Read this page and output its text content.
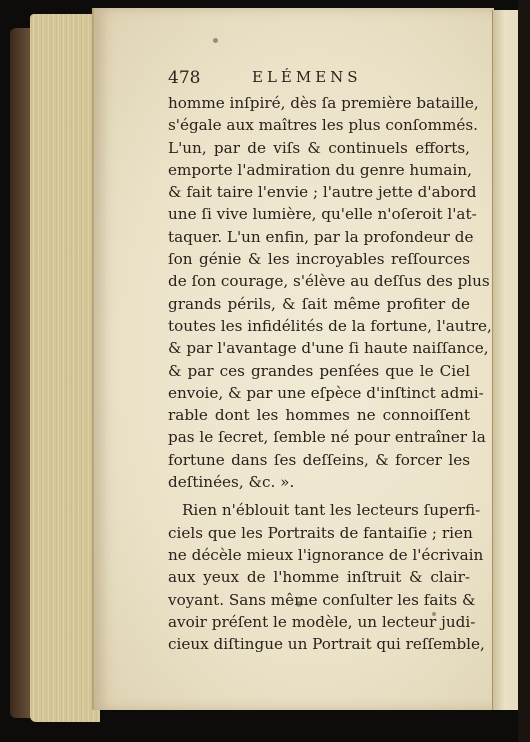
478	ELÉMENS
homme inſpiré, dès ſa première bataille,
s'égale aux maîtres les plus conſommés.
L'un, par de viſs & continuels efforts,
emporte l'admiration du genre humain,
& fait taire l'envie ; l'autre jette d'abord
une ſi vive lumière, qu'elle n'oſeroit l'at-
taquer. L'un enfin, par la profondeur de
ſon génie & les incroyables reſſources
de ſon courage, s'élève au deſſus des plus
grands périls, & ſait même profiter de
toutes les infidélités de la fortune, l'autre,
& par l'avantage d'une ſi haute naiſſance,
& par ces grandes penſées que le Ciel
envoie, & par une eſpèce d'inſtinct admi-
rable dont les hommes ne connoiſſent
pas le ſecret, ſemble né pour entraîner la
fortune dans ſes deſſeins, & forcer les
deſtinées, &c. ».
Rien n'éblouit tant les lecteurs ſuperfi-
ciels que les Portraits de fantaiſie ; rien
ne décèle mieux l'ignorance de l'écrivain
aux yeux de l'homme inſtruit & clair-
voyant. Sans même conſulter les faits &
avoir préſent le modèle, un lecteur judi-
cieux diſtingue un Portrait qui reſſemble,
